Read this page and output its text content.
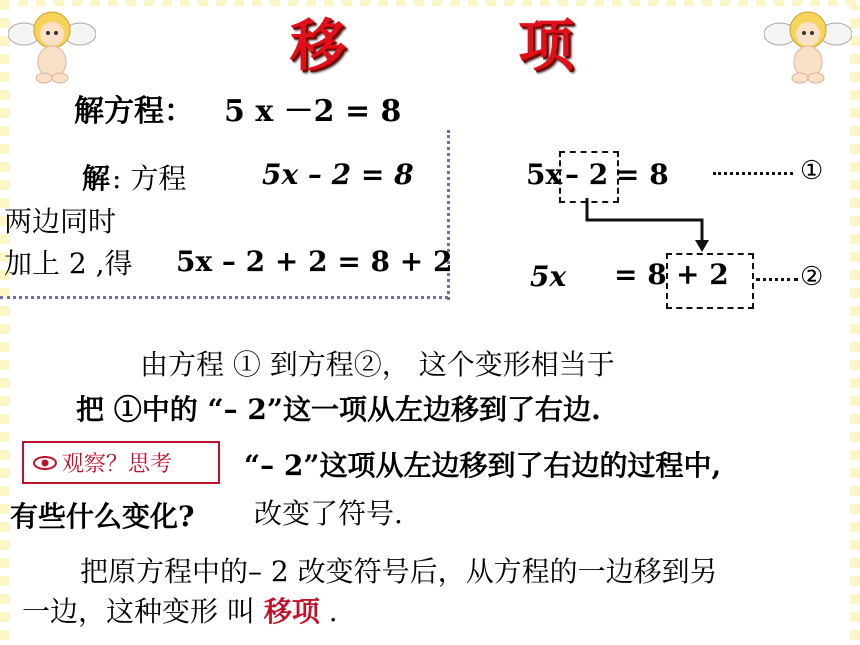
移	项
解方程： 5 x －2 = 8
解 : 方程	5x – 2 = 8
两边同时
加上 2 ,得 5x – 2 + 2 = 8 + 2
5x – 2 = 8	①
5x = 8 + 2	②
由方程 ① 到方程②， 这个变形相当于
把 ①中的 “– 2”这一项从左边移到了右边.
观察？思考	“– 2”这项从左边移到了右边的过程中,
有些什么变化? 改变了符号.
把原方程中的– 2 改变符号后，从方程的一边移到另
一边，这种变形 叫 移项 .
